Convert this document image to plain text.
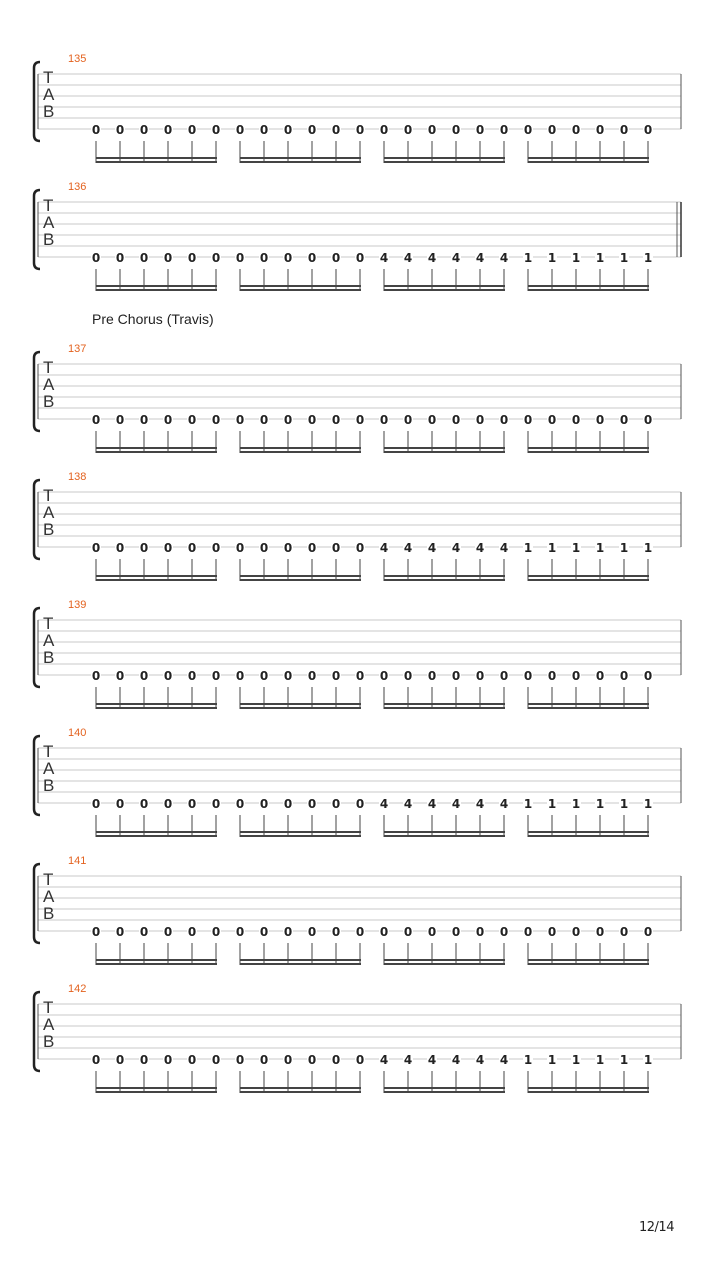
Pre Chorus (Travis)
135
T
A
B
0 0 0 0 0 0 0 0 0 0 0 0 0 0 0 0 0 0 0 0 0 0 0 0
136
T
A
B
0 0 0 0 0 0 0 0 0 0 0 0 4 4 4 4 4 4 1 1 1 1 1 1
137
T
A
B
0 0 0 0 0 0 0 0 0 0 0 0 0 0 0 0 0 0 0 0 0 0 0 0
138
T
A
B
0 0 0 0 0 0 0 0 0 0 0 0 4 4 4 4 4 4 1 1 1 1 1 1
139
T
A
B
0 0 0 0 0 0 0 0 0 0 0 0 0 0 0 0 0 0 0 0 0 0 0 0
140
T
A
B
0 0 0 0 0 0 0 0 0 0 0 0 4 4 4 4 4 4 1 1 1 1 1 1
141
T
A
B
0 0 0 0 0 0 0 0 0 0 0 0 0 0 0 0 0 0 0 0 0 0 0 0
142
T
A
B
0 0 0 0 0 0 0 0 0 0 0 0 4 4 4 4 4 4 1 1 1 1 1 1
12/14
